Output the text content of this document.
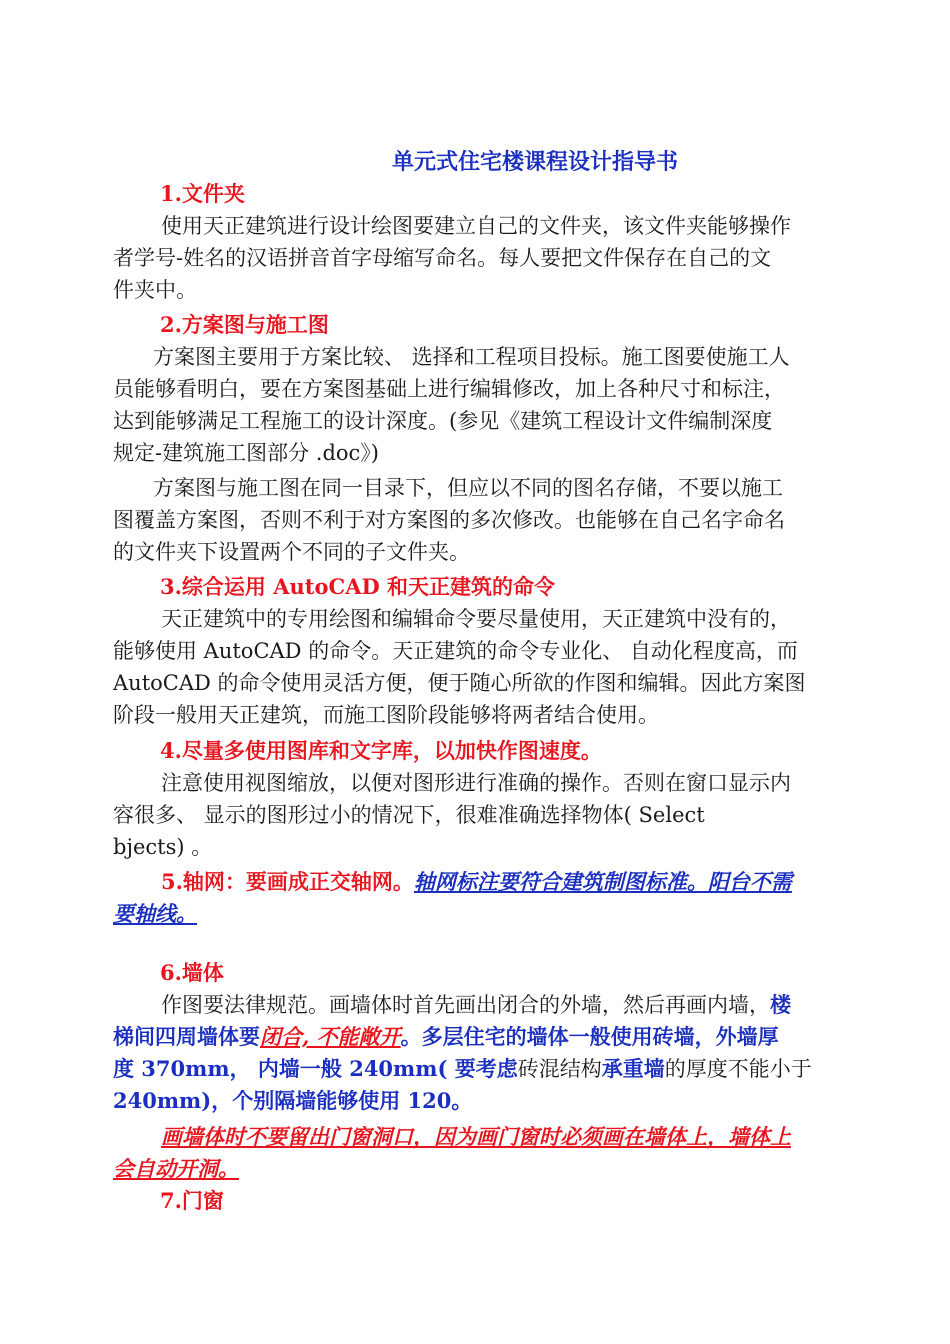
单元式住宅楼课程设计指导书
1.文件夹
使用天正建筑进行设计绘图要建立自己的文件夹，该文件夹能够操作
者学号-姓名的汉语拼音首字母缩写命名。每人要把文件保存在自己的文
件夹中。
2.方案图与施工图
方案图主要用于方案比较、 选择和工程项目投标。施工图要使施工人
员能够看明白，要在方案图基础上进行编辑修改，加上各种尺寸和标注，
达到能够满足工程施工的设计深度。(参见《建筑工程设计文件编制深度
规定-建筑施工图部分 .doc》)
方案图与施工图在同一目录下，但应以不同的图名存储，不要以施工
图覆盖方案图，否则不利于对方案图的多次修改。也能够在自己名字命名
的文件夹下设置两个不同的子文件夹。
3.综合运用 AutoCAD 和天正建筑的命令
天正建筑中的专用绘图和编辑命令要尽量使用，天正建筑中没有的，
能够使用 AutoCAD 的命令。天正建筑的命令专业化、 自动化程度高，而
AutoCAD 的命令使用灵活方便，便于随心所欲的作图和编辑。因此方案图
阶段一般用天正建筑，而施工图阶段能够将两者结合使用。
4.尽量多使用图库和文字库，以加快作图速度。
注意使用视图缩放，以便对图形进行准确的操作。否则在窗口显示内
容很多、 显示的图形过小的情况下，很难准确选择物体( Select
bjects) 。
5.轴网：要画成正交轴网。轴网标注要符合建筑制图标准。阳台不需
要轴线。
6.墙体
作图要法律规范。画墙体时首先画出闭合的外墙，然后再画内墙，楼
梯间四周墙体要闭合, 不能敞开。多层住宅的墙体一般使用砖墙，外墙厚
度 370mm， 内墙一般 240mm( 要考虑砖混结构承重墙的厚度不能小于
240mm)，个别隔墙能够使用 120。
画墙体时不要留出门窗洞口，因为画门窗时必须画在墙体上，墙体上
会自动开洞。
7.门窗
